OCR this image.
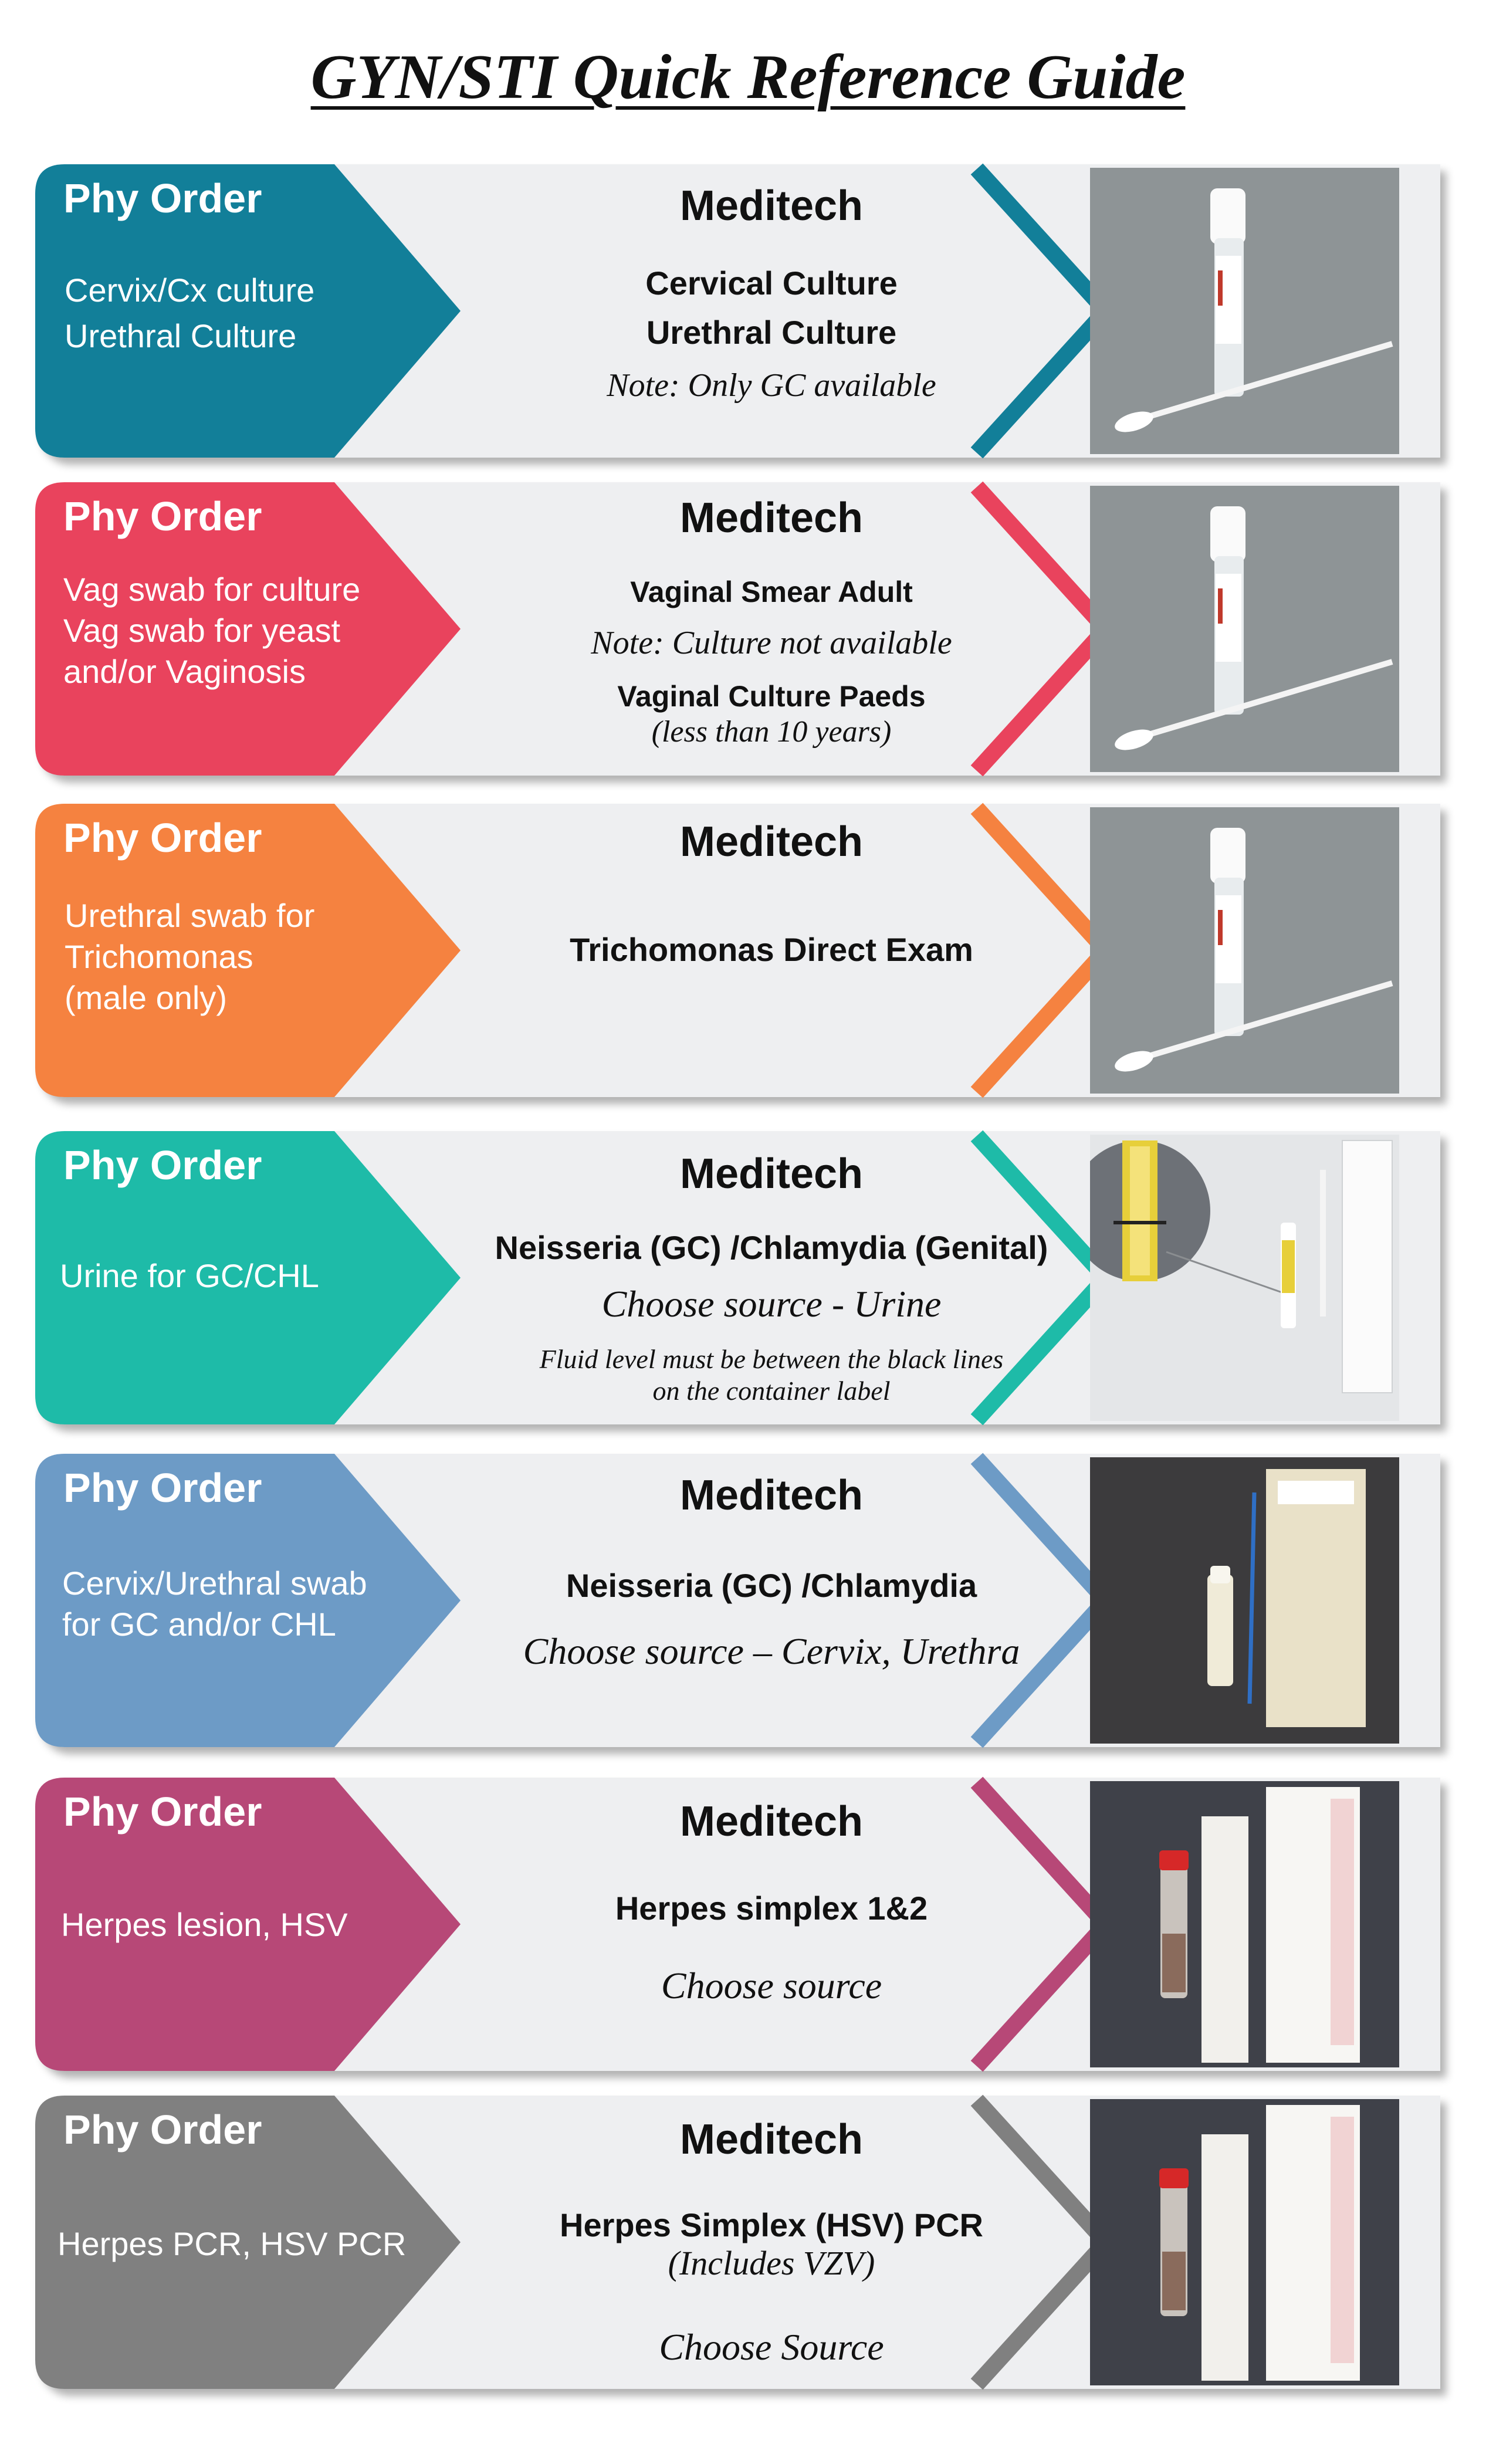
GYN/STI Quick Reference Guide
Phy Order
Cervix/Cx culture
Urethral Culture
Meditech
Cervical Culture
Urethral Culture
Note: Only GC available
Phy Order
Vag swab for culture
Vag swab for yeast
and/or Vaginosis
Meditech
Vaginal Smear Adult
Note: Culture not available
Vaginal Culture Paeds
(less than 10 years)
Phy Order
Urethral swab for
Trichomonas
(male only)
Meditech
Trichomonas Direct Exam
Phy Order
Urine for GC/CHL
Meditech
Neisseria (GC) /Chlamydia (Genital)
Choose source - Urine
Fluid level must be between the black lines
on the container label
Phy Order
Cervix/Urethral swab
for GC and/or CHL
Meditech
Neisseria (GC) /Chlamydia
Choose source – Cervix, Urethra
Phy Order
Herpes lesion, HSV
Meditech
Herpes simplex 1&2
Choose source
Phy Order
Herpes PCR, HSV PCR
Meditech
Herpes Simplex (HSV) PCR
(Includes VZV)
Choose Source
